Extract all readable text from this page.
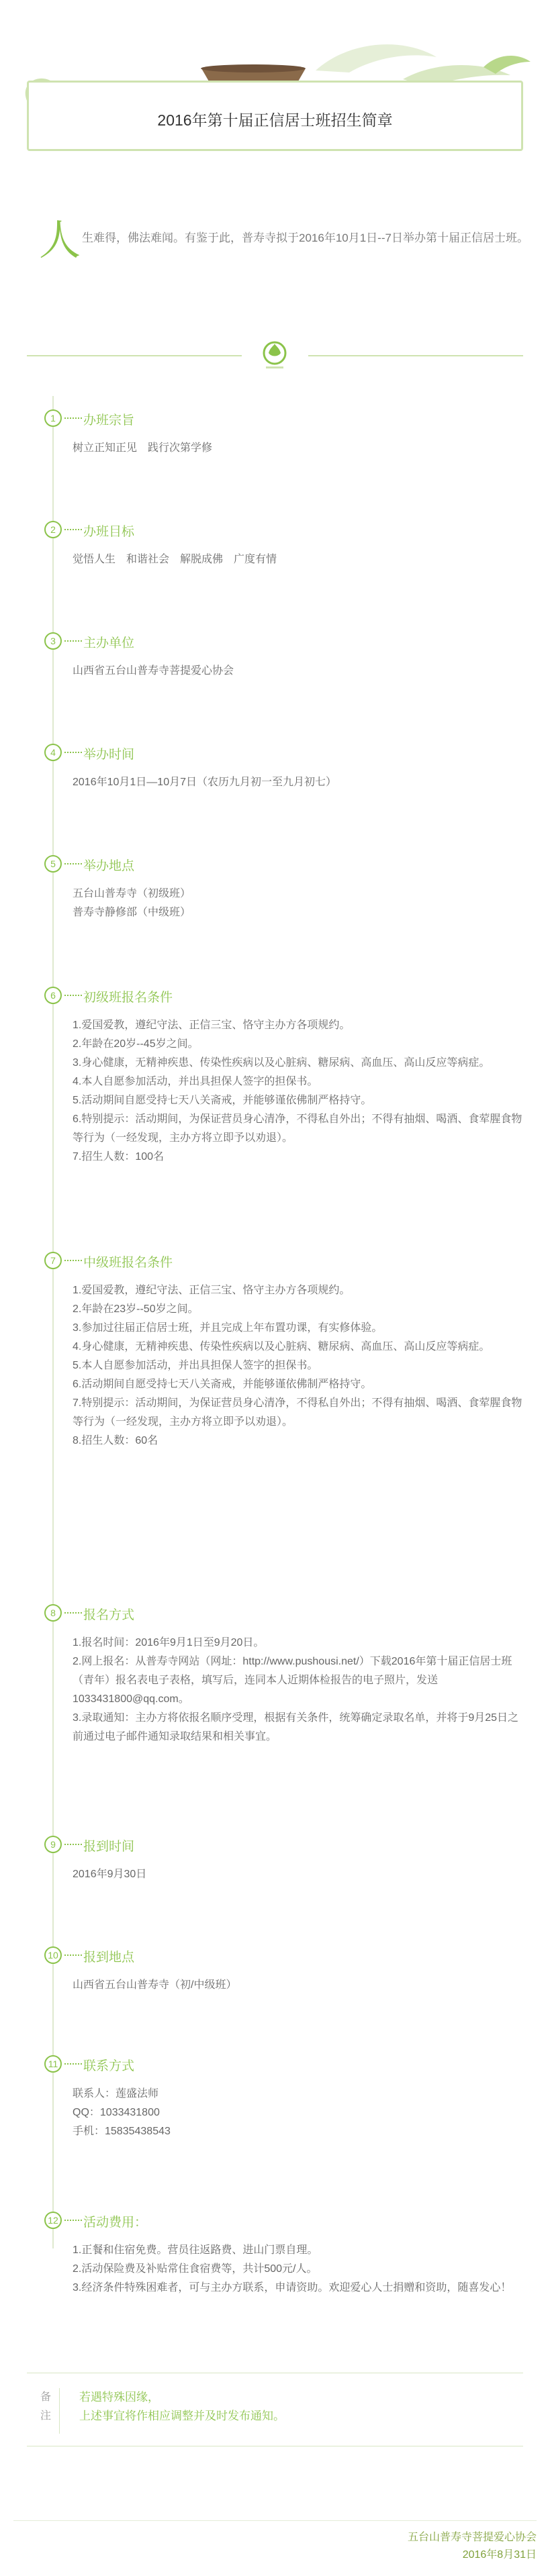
2016年第十届正信居士班招生简章
人 生难得，佛法难闻。有鉴于此，普寿寺拟于2016年10月1日--7日举办第十届正信居士班。
1	办班宗旨

树立正知正见　践行次第学修

2	办班目标

觉悟人生　和谐社会　解脱成佛　广度有情

3	主办单位

山西省五台山普寿寺菩提爱心协会

4	举办时间

2016年10月1日—10月7日（农历九月初一至九月初七）

5	举办地点

五台山普寿寺（初级班）

普寿寺静修部（中级班）

6	初级班报名条件

1.爱国爱教，遵纪守法、正信三宝、恪守主办方各项规约。

2.年龄在20岁--45岁之间。

3.身心健康，无精神疾患、传染性疾病以及心脏病、糖尿病、高血压、高山反应等病症。

4.本人自愿参加活动，并出具担保人签字的担保书。

5.活动期间自愿受持七天八关斋戒，并能够谨依佛制严格持守。

6.特别提示：活动期间，为保证营员身心清净，不得私自外出；不得有抽烟、喝酒、食荤腥食物等行为（一经发现，主办方将立即予以劝退）。

7.招生人数：100名

7	中级班报名条件

1.爱国爱教，遵纪守法、正信三宝、恪守主办方各项规约。

2.年龄在23岁--50岁之间。

3.参加过往届正信居士班，并且完成上年布置功课，有实修体验。

4.身心健康，无精神疾患、传染性疾病以及心脏病、糖尿病、高血压、高山反应等病症。

5.本人自愿参加活动，并出具担保人签字的担保书。

6.活动期间自愿受持七天八关斋戒，并能够谨依佛制严格持守。

7.特别提示：活动期间，为保证营员身心清净，不得私自外出；不得有抽烟、喝酒、食荤腥食物等行为（一经发现，主办方将立即予以劝退）。

8.招生人数：60名

8	报名方式

1.报名时间：2016年9月1日至9月20日。

2.网上报名：从普寿寺网站（网址：http://www.pushousi.net/）下载2016年第十届正信居士班（青年）报名表电子表格，填写后，连同本人近期体检报告的电子照片，发送1033431800@qq.com。

3.录取通知：主办方将依报名顺序受理，根据有关条件，统筹确定录取名单，并将于9月25日之前通过电子邮件通知录取结果和相关事宜。

9	报到时间

2016年9月30日

10 报到地点

山西省五台山普寿寺（初/中级班）

11	联系方式

联系人：莲盛法师

QQ：1033431800

手机：15835438543

12 活动费用：

1.正餐和住宿免费。营员往返路费、进山门票自理。

2.活动保险费及补贴常住食宿费等，共计500元/人。

3.经济条件特殊困难者，可与主办方联系，申请资助。欢迎爱心人士捐赠和资助，随喜发心！

备
注
若遇特殊因缘，
上述事宜将作相应调整并及时发布通知。
五台山普寿寺菩提爱心协会
2016年8月31日
